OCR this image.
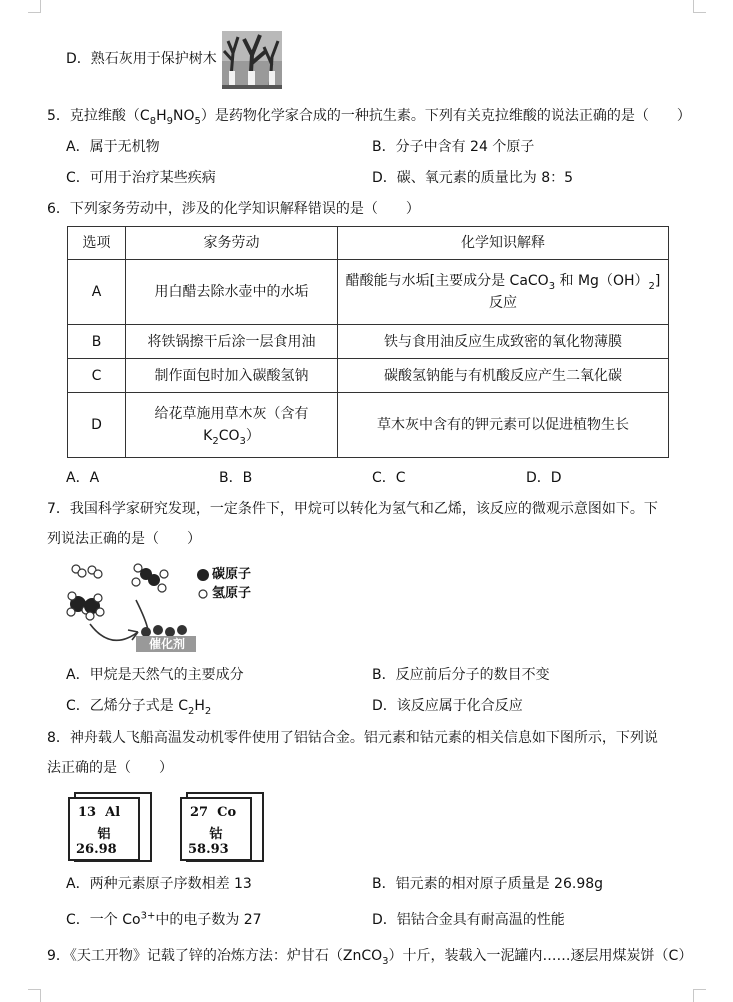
D．熟石灰用于保护树木
5．克拉维酸$(C_8H_9NO_5)$是药物化学家合成的一种抗生素。下列有关克拉维酸的说法正确的是（　　）
A．属于无机物	B．分子中含有 24 个原子
C．可用于治疗某些疾病	D．碳、氧元素的质量比为 8：5
6．下列家务劳动中，涉及的化学知识解释错误的是（　　）
选项	家务劳动	化学知识解释
A	用白醋去除水壶中的水垢	醋酸能与水垢[主要成分是 CaCO$_3$ 和 $Mg(OH)_2$]
反应

B	将铁锅擦干后涂一层食用油	铁与食用油反应生成致密的氧化物薄膜
C	制作面包时加入碳酸氢钠	碳酸氢钠能与有机酸反应产生二氧化碳
D	给花草施用草木灰（含有
$K_2CO_3$）	草木灰中含有的钾元素可以促进植物生长
A．A	B．B	C．C	D．D
7．我国科学家研究发现，一定条件下，甲烷可以转化为氢气和乙烯，该反应的微观示意图如下。下
列说法正确的是（　　）
催化剂
碳原子
氢原子
A．甲烷是天然气的主要成分	B．反应前后分子的数目不变
C．乙烯分子式是 $C_2H_2$	D．该反应属于化合反应
8．神舟载人飞船高温发动机零件使用了铝钴合金。铝元素和钴元素的相关信息如下图所示，下列说
法正确的是（　　）
13 Al
铝
26.98
27 Co
钴
58.93
A．两种元素原子序数相差 13	B．铝元素的相对原子质量是 26.98g
C．一个 $Co^{3+}$中的电子数为 27	D．铝钴合金具有耐高温的性能
9．《天工开物》记载了锌的冶炼方法：炉甘石（ZnCO$_3$）十斤，装载入一泥罐内……逐层用煤炭饼（C）
